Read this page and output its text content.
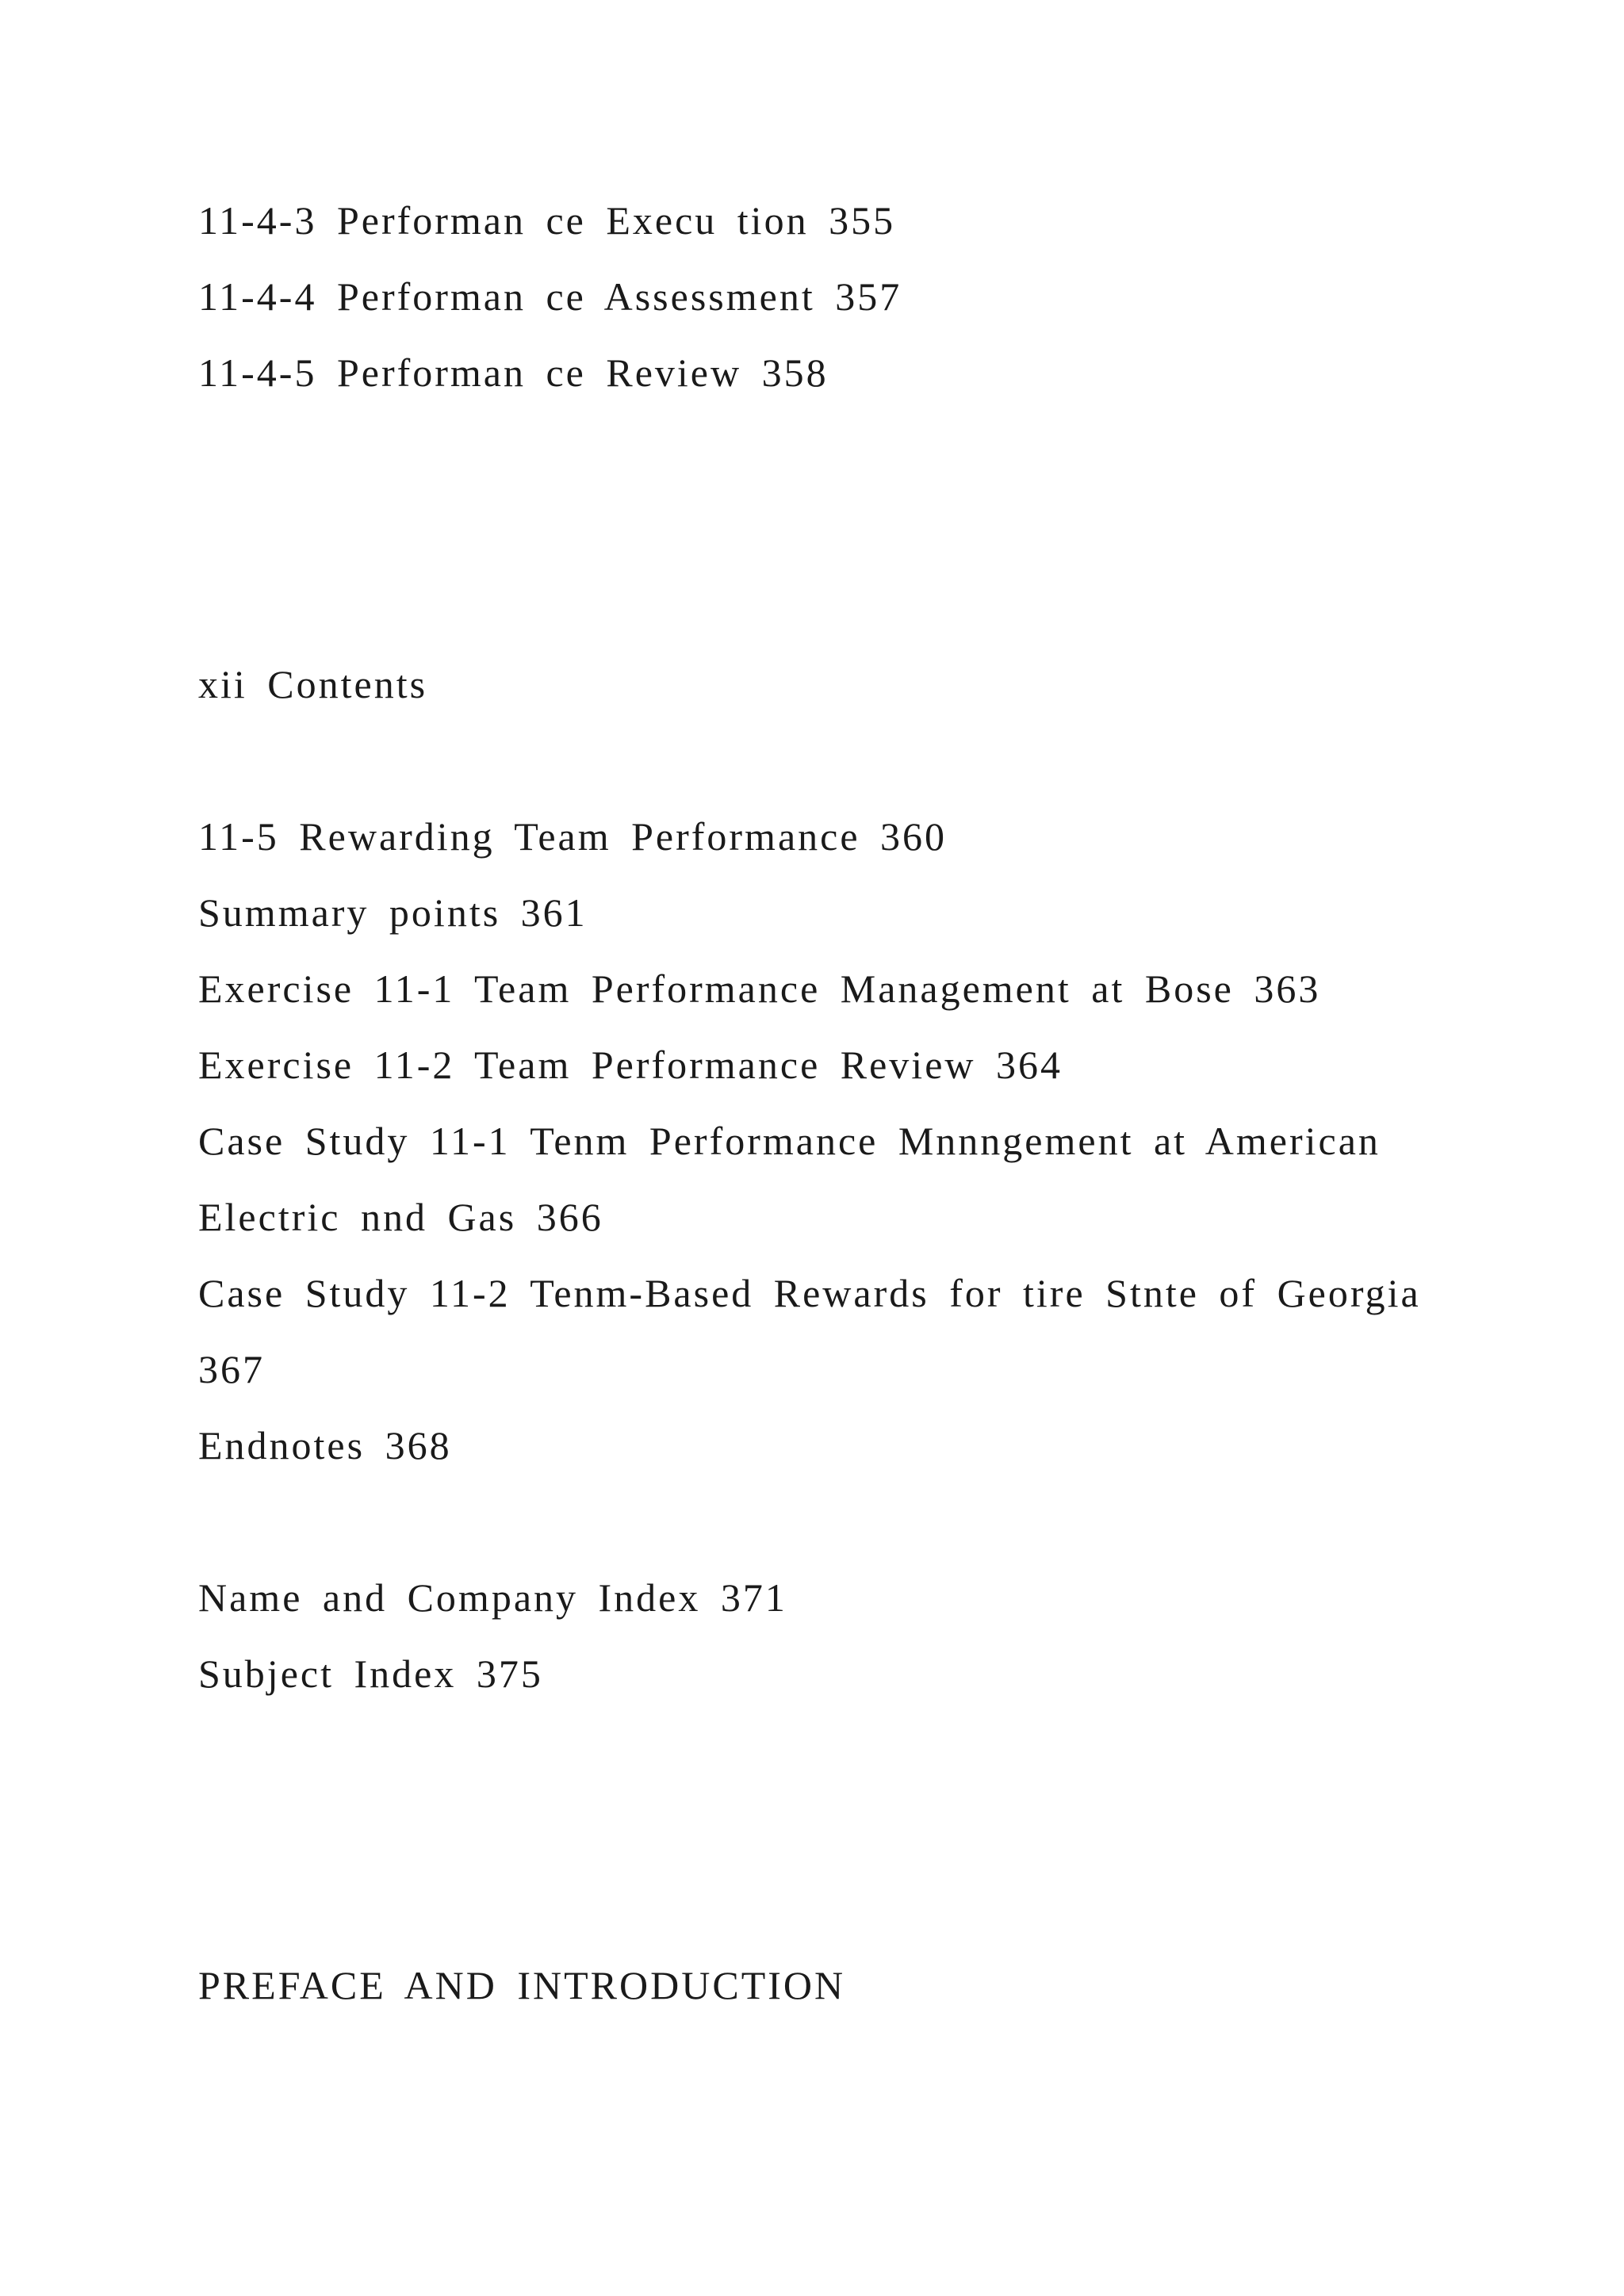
11-4-3 Performan ce Execu tion 355
11-4-4 Performan ce Assessment 357
11-4-5 Performan ce Review 358
xii Contents
11-5 Rewarding Team Performance 360
Summary points 361
Exercise 11-1 Team Performance Management at Bose 363
Exercise 11-2 Team Performance Review 364
Case Study 11-1 Tenm Performance Mnnngement at American
Electric nnd Gas 366
Case Study 11-2 Tenm-Based Rewards for tire Stnte of Georgia
367
Endnotes 368
Name and Company Index 371
Subject Index 375
PREFACE AND INTRODUCTION
